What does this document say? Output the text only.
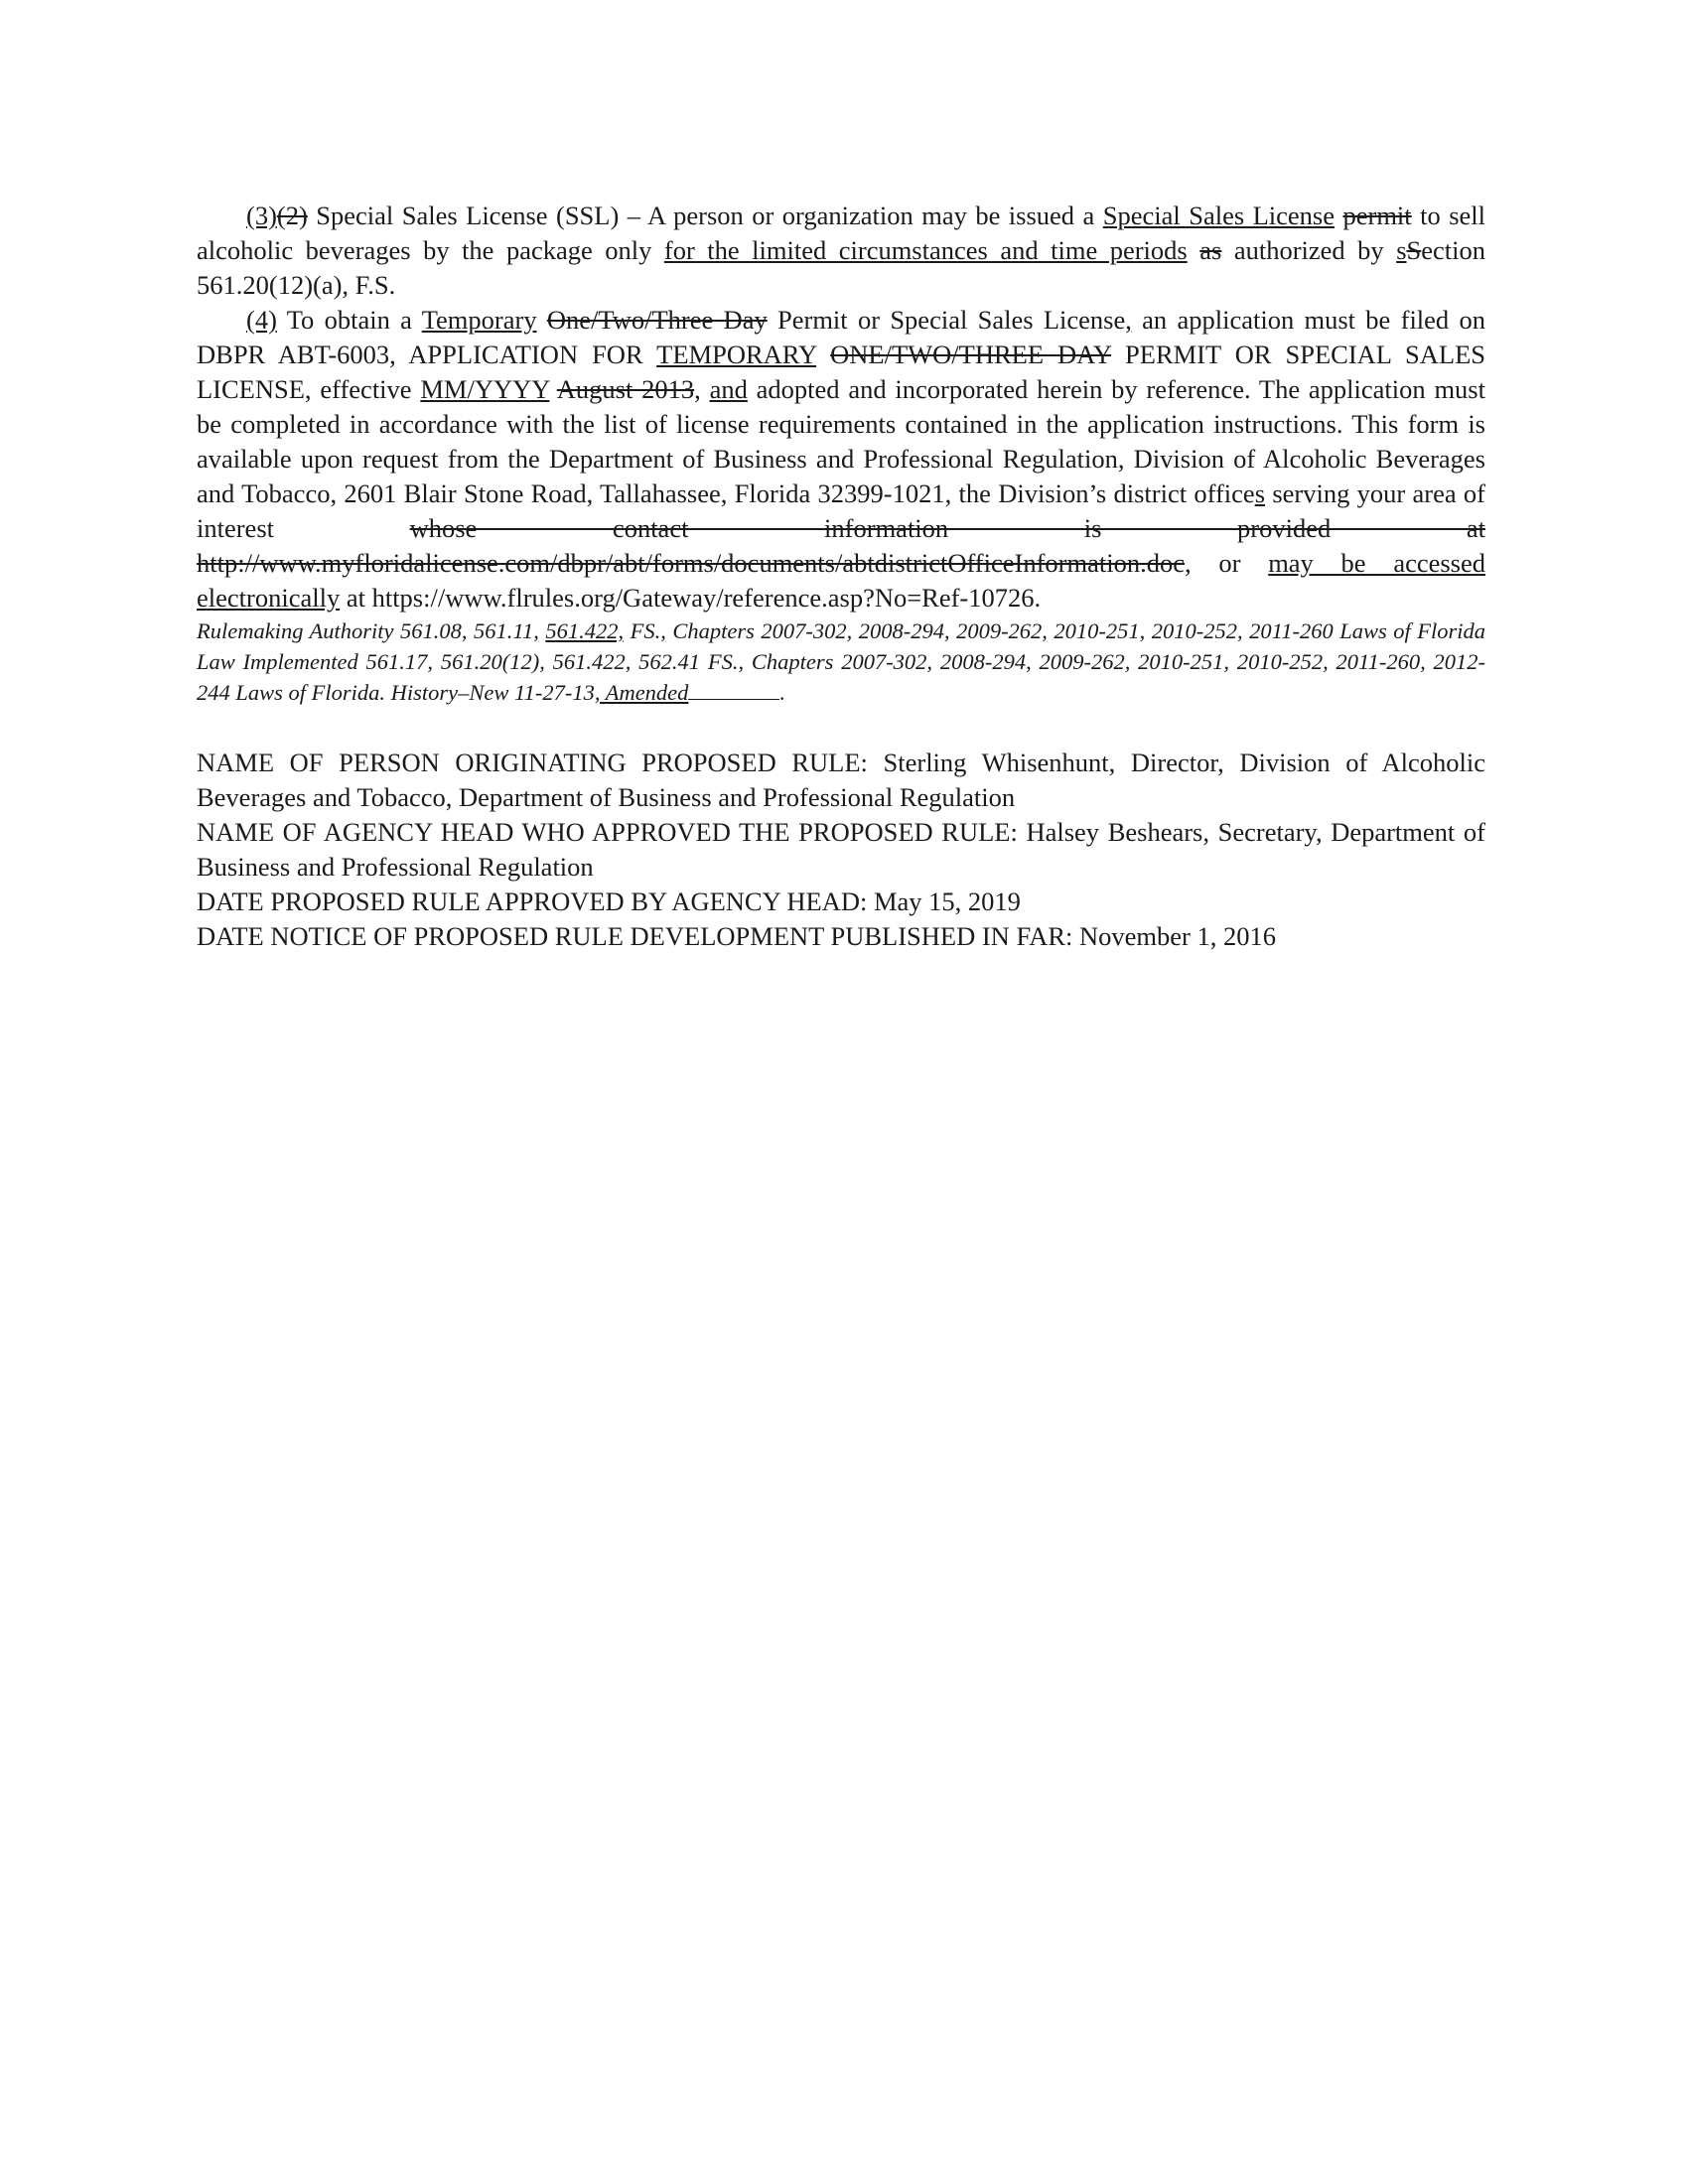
(3)(2) Special Sales License (SSL) – A person or organization may be issued a Special Sales License permit to sell alcoholic beverages by the package only for the limited circumstances and time periods as authorized by sSection 561.20(12)(a), F.S.

(4) To obtain a Temporary One/Two/Three Day Permit or Special Sales License, an application must be filed on DBPR ABT-6003, APPLICATION FOR TEMPORARY ONE/TWO/THREE DAY PERMIT OR SPECIAL SALES LICENSE, effective MM/YYYY August 2013, and adopted and incorporated herein by reference. The application must be completed in accordance with the list of license requirements contained in the application instructions. This form is available upon request from the Department of Business and Professional Regulation, Division of Alcoholic Beverages and Tobacco, 2601 Blair Stone Road, Tallahassee, Florida 32399-1021, the Division’s district offices serving your area of interest whose contact information is provided at http://www.myfloridalicense.com/dbpr/abt/forms/documents/abtdistrictOfficeInformation.doc, or may be accessed electronically at https://www.flrules.org/Gateway/reference.asp?No=Ref-10726.

Rulemaking Authority 561.08, 561.11, 561.422, FS., Chapters 2007-302, 2008-294, 2009-262, 2010-251, 2010-252, 2011-260 Laws of Florida Law Implemented 561.17, 561.20(12), 561.422, 562.41 FS., Chapters 2007-302, 2008-294, 2009-262, 2010-251, 2010-252, 2011-260, 2012-244 Laws of Florida. History–New 11-27-13, Amended	.

NAME OF PERSON ORIGINATING PROPOSED RULE: Sterling Whisenhunt, Director, Division of Alcoholic Beverages and Tobacco, Department of Business and Professional Regulation

NAME OF AGENCY HEAD WHO APPROVED THE PROPOSED RULE: Halsey Beshears, Secretary, Department of Business and Professional Regulation

DATE PROPOSED RULE APPROVED BY AGENCY HEAD: May 15, 2019

DATE NOTICE OF PROPOSED RULE DEVELOPMENT PUBLISHED IN FAR: November 1, 2016
